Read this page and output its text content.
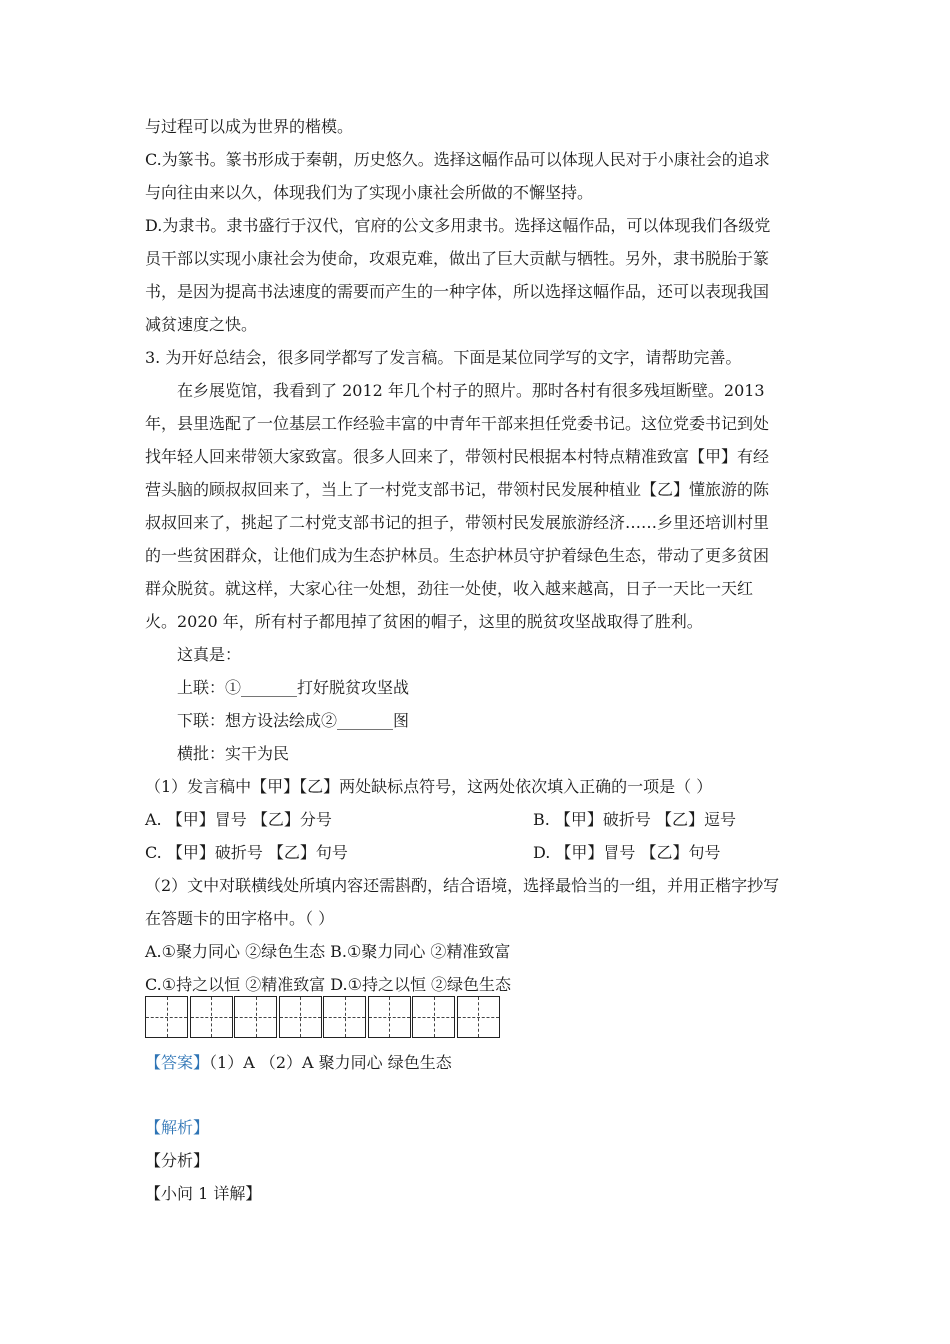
与过程可以成为世界的楷模。
C.为篆书。篆书形成于秦朝，历史悠久。选择这幅作品可以体现人民对于小康社会的追求
与向往由来以久，体现我们为了实现小康社会所做的不懈坚持。
D.为隶书。隶书盛行于汉代，官府的公文多用隶书。选择这幅作品，可以体现我们各级党
员干部以实现小康社会为使命，攻艰克难，做出了巨大贡献与牺牲。另外，隶书脱胎于篆
书，是因为提高书法速度的需要而产生的一种字体，所以选择这幅作品，还可以表现我国
减贫速度之快。
3. 为开好总结会，很多同学都写了发言稿。下面是某位同学写的文字，请帮助完善。
在乡展览馆，我看到了 2012 年几个村子的照片。那时各村有很多残垣断壁。2013
年，县里选配了一位基层工作经验丰富的中青年干部来担任党委书记。这位党委书记到处
找年轻人回来带领大家致富。很多人回来了，带领村民根据本村特点精准致富【甲】有经
营头脑的顾叔叔回来了，当上了一村党支部书记，带领村民发展种植业【乙】懂旅游的陈
叔叔回来了，挑起了二村党支部书记的担子，带领村民发展旅游经济……乡里还培训村里
的一些贫困群众，让他们成为生态护林员。生态护林员守护着绿色生态，带动了更多贫困
群众脱贫。就这样，大家心往一处想，劲往一处使，收入越来越高，日子一天比一天红
火。2020 年，所有村子都甩掉了贫困的帽子，这里的脱贫攻坚战取得了胜利。
这真是：
上联：①_______打好脱贫攻坚战
下联：想方设法绘成②_______图
横批：实干为民
（1）发言稿中【甲】【乙】两处缺标点符号，这两处依次填入正确的一项是（ ）
A. 【甲】冒号 【乙】分号	B. 【甲】破折号 【乙】逗号
C. 【甲】破折号 【乙】句号	D. 【甲】冒号 【乙】句号
（2）文中对联横线处所填内容还需斟酌，结合语境，选择最恰当的一组，并用正楷字抄写
在答题卡的田字格中。（ ）
A.①聚力同心 ②绿色生态 B.①聚力同心 ②精准致富
C.①持之以恒 ②精准致富 D.①持之以恒 ②绿色生态
【答案】（1）A （2）A 聚力同心 绿色生态
【解析】
【分析】
【小问 1 详解】
